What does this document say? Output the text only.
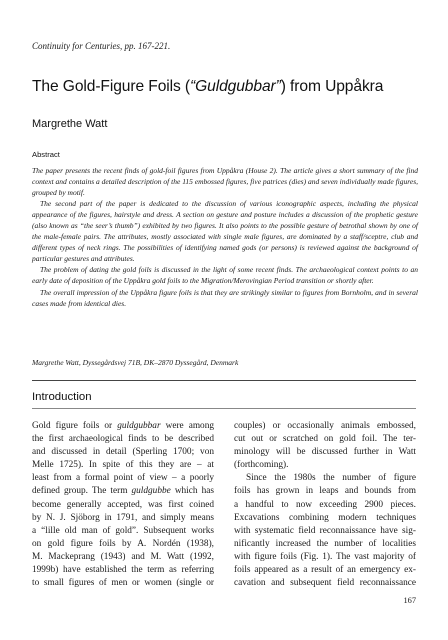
Continuity for Centuries, pp. 167-221.
The Gold-Figure Foils (“Guldgubbar”) from Uppåkra
Margrethe Watt
Abstract

The paper presents the recent finds of gold-foil figures from Uppåkra (House 2). The article gives a short summary of the find context and contains a detailed description of the 115 embossed figures, five patrices (dies) and seven individually made figures, grouped by motif.

The second part of the paper is dedicated to the discussion of various iconographic aspects, including the physical appearance of the figures, hairstyle and dress. A section on gesture and posture includes a discussion of the prophetic gesture (also known as “the seer’s thumb”) exhibited by two figures. It also points to the possible gesture of betrothal shown by one of the male-female pairs. The attributes, mostly associated with single male figures, are dominated by a staff/sceptre, club and different types of neck rings. The possibilities of identifying named gods (or persons) is reviewed against the background of particular gestures and attributes.

The problem of dating the gold foils is discussed in the light of some recent finds. The archaeological context points to an early date of deposition of the Uppåkra gold foils to the Migration/Merovingian Period transition or shortly after.

The overall impression of the Uppåkra figure foils is that they are strikingly similar to figures from Bornholm, and in several cases made from identical dies.

Margrethe Watt, Dyssegårdsvej 71B, DK–2870 Dyssegård, Denmark
Introduction
Gold figure foils or guldgubbar were among
the first archaeological finds to be described
and discussed in detail (Sperling 1700; von
Melle 1725). In spite of this they are – at
least from a formal point of view – a poorly
defined group. The term guldgubbe which has
become generally accepted, was first coined
by N. J. Sjöborg in 1791, and simply means
a “lille old man of gold”. Subsequent works
on gold figure foils by A. Nordén (1938),
M. Mackeprang (1943) and M. Watt (1992,
1999b) have established the term as referring
to small figures of men or women (single or
couples) or occasionally animals embossed,
cut out or scratched on gold foil. The ter-
minology will be discussed further in Watt
(forthcoming).
Since the 1980s the number of figure
foils has grown in leaps and bounds from
a handful to now exceeding 2900 pieces.
Excavations combining modern techniques
with systematic field reconnaissance have sig-
nificantly increased the number of localities
with figure foils (Fig. 1). The vast majority of
foils appeared as a result of an emergency ex-
cavation and subsequent field reconnaissance
167
